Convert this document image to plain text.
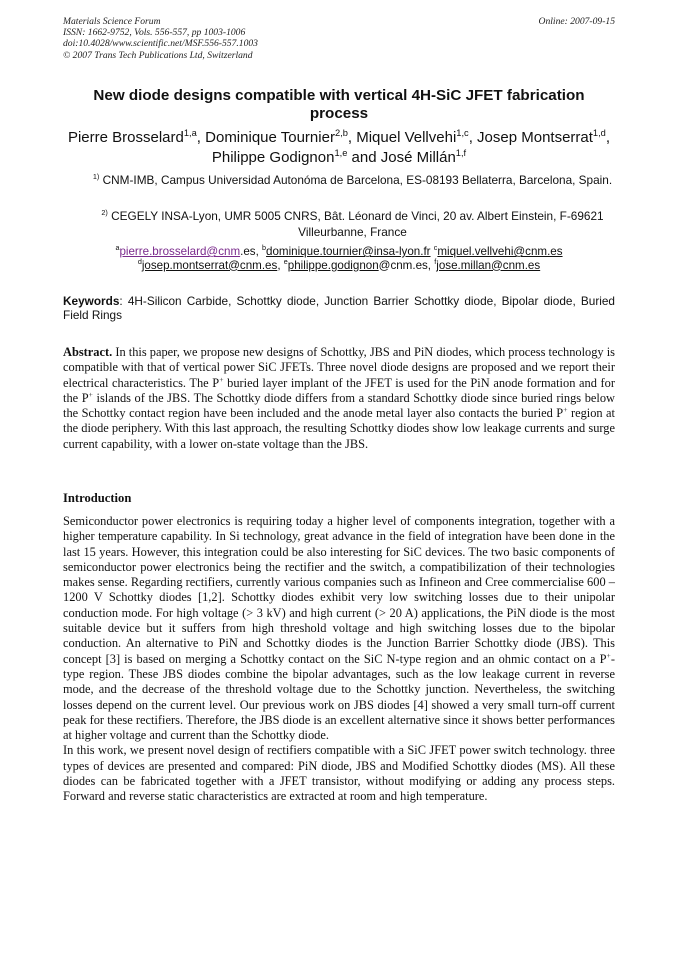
Materials Science Forum
ISSN: 1662-9752, Vols. 556-557, pp 1003-1006
doi:10.4028/www.scientific.net/MSF.556-557.1003
© 2007 Trans Tech Publications Ltd, Switzerland
Online: 2007-09-15
New diode designs compatible with vertical 4H-SiC JFET fabrication process
Pierre Brosselard$^{1,a}$, Dominique Tournier$^{2,b}$, Miquel Vellvehi$^{1,c}$, Josep Montserrat$^{1,d}$, Philippe Godignon$^{1,e}$ and José Millán$^{1,f}$
$^{1)}$ CNM-IMB, Campus Universidad Autonóma de Barcelona, ES-08193 Bellaterra, Barcelona, Spain.
$^{2)}$ CEGELY INSA-Lyon, UMR 5005 CNRS, Bât. Léonard de Vinci, 20 av. Albert Einstein, F-69621 Villeurbanne, France
$^a$pierre.brosselard@cnm.es, $^b$dominique.tournier@insa-lyon.fr $^c$miquel.vellvehi@cnm.es
$^d$josep.montserrat@cnm.es, $^e$philippe.godignon@cnm.es, $^f$jose.millan@cnm.es
Keywords: 4H-Silicon Carbide, Schottky diode, Junction Barrier Schottky diode, Bipolar diode, Buried Field Rings
Abstract. In this paper, we propose new designs of Schottky, JBS and PiN diodes, which process technology is compatible with that of vertical power SiC JFETs. Three novel diode designs are proposed and we report their electrical characteristics. The P+ buried layer implant of the JFET is used for the PiN anode formation and for the P+ islands of the JBS. The Schottky diode differs from a standard Schottky diode since buried rings below the Schottky contact region have been included and the anode metal layer also contacts the buried P+ region at the diode periphery. With this last approach, the resulting Schottky diodes show low leakage currents and surge current capability, with a lower on-state voltage than the JBS.
Introduction

Semiconductor power electronics is requiring today a higher level of components integration, together with a higher temperature capability. In Si technology, great advance in the field of integration have been done in the last 15 years. However, this integration could be also interesting for SiC devices. The two basic components of semiconductor power electronics being the rectifier and the switch, a compatibilization of their technologies makes sense. Regarding rectifiers, currently various companies such as Infineon and Cree commercialise 600 – 1200 V Schottky diodes [1,2]. Schottky diodes exhibit very low switching losses due to their unipolar conduction mode. For high voltage (> 3 kV) and high current (> 20 A) applications, the PiN diode is the most suitable device but it suffers from high threshold voltage and high switching losses due to the bipolar conduction. An alternative to PiN and Schottky diodes is the Junction Barrier Schottky diode (JBS). This concept [3] is based on merging a Schottky contact on the SiC N-type region and an ohmic contact on a P+-type region. These JBS diodes combine the bipolar advantages, such as the low leakage current in reverse mode, and the decrease of the threshold voltage due to the Schottky junction. Nevertheless, the switching losses depend on the current level. Our previous work on JBS diodes [4] showed a very small turn-off current peak for these rectifiers. Therefore, the JBS diode is an excellent alternative since it shows better performances at higher voltage and current than the Schottky diode.

In this work, we present novel design of rectifiers compatible with a SiC JFET power switch technology. three types of devices are presented and compared: PiN diode, JBS and Modified Schottky diodes (MS). All these diodes can be fabricated together with a JFET transistor, without modifying or adding any process steps. Forward and reverse static characteristics are extracted at room and high temperature.
